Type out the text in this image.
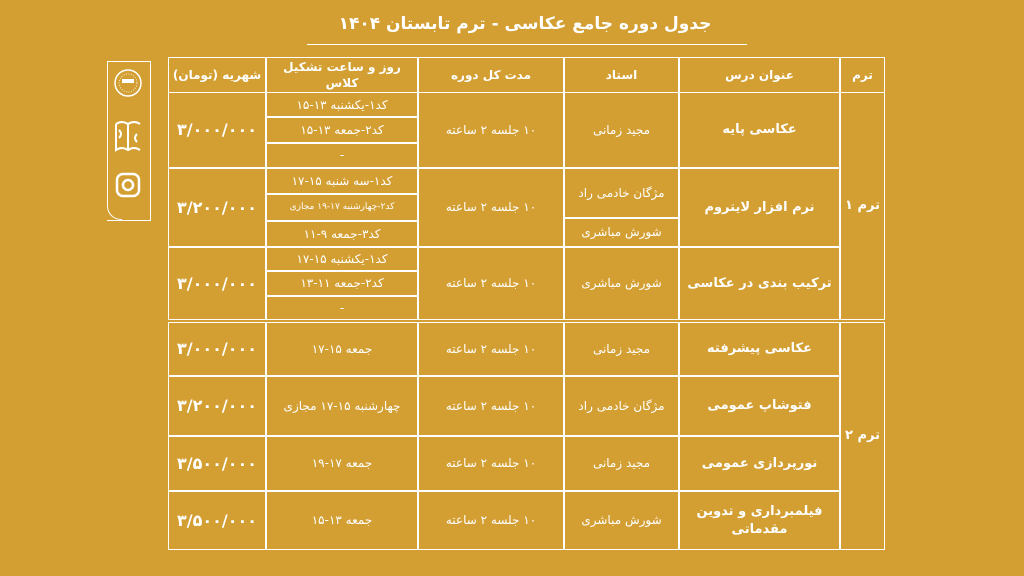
جدول دوره جامع عکاسی - ترم تابستان ۱۴۰۴
ترم
عنوان درس
استاد
مدت کل دوره
روز و ساعت تشکیل کلاس
شهریه (تومان)
ترم ۱
ترم ۲
عکاسی پایه
مجید زمانی
۱۰ جلسه ۲ ساعته
کد۱-یکشنبه ۱۳-۱۵
کد۲-جمعه ۱۳-۱۵
-
۳/۰۰۰/۰۰۰
نرم افزار لایتروم
مژگان خادمی راد
شورش مباشری
۱۰ جلسه ۲ ساعته
کد۱-سه شنبه ۱۵-۱۷
کد۲-چهارشنبه ۱۷-۱۹ مجازی
کد۳-جمعه ۹-۱۱
۳/۲۰۰/۰۰۰
ترکیب بندی در عکاسی
شورش مباشری
۱۰ جلسه ۲ ساعته
کد۱-یکشنبه ۱۵-۱۷
کد۲-جمعه ۱۱-۱۳
-
۳/۰۰۰/۰۰۰
عکاسی پیشرفته
مجید زمانی
۱۰ جلسه ۲ ساعته
جمعه ۱۵-۱۷
۳/۰۰۰/۰۰۰
فتوشاپ عمومی
مژگان خادمی راد
۱۰ جلسه ۲ ساعته
چهارشنبه ۱۵-۱۷ مجازی
۳/۲۰۰/۰۰۰
نورپردازی عمومی
مجید زمانی
۱۰ جلسه ۲ ساعته
جمعه ۱۷-۱۹
۳/۵۰۰/۰۰۰
فیلمبرداری و تدوین مقدماتی
شورش مباشری
۱۰ جلسه ۲ ساعته
جمعه ۱۳-۱۵
۳/۵۰۰/۰۰۰
